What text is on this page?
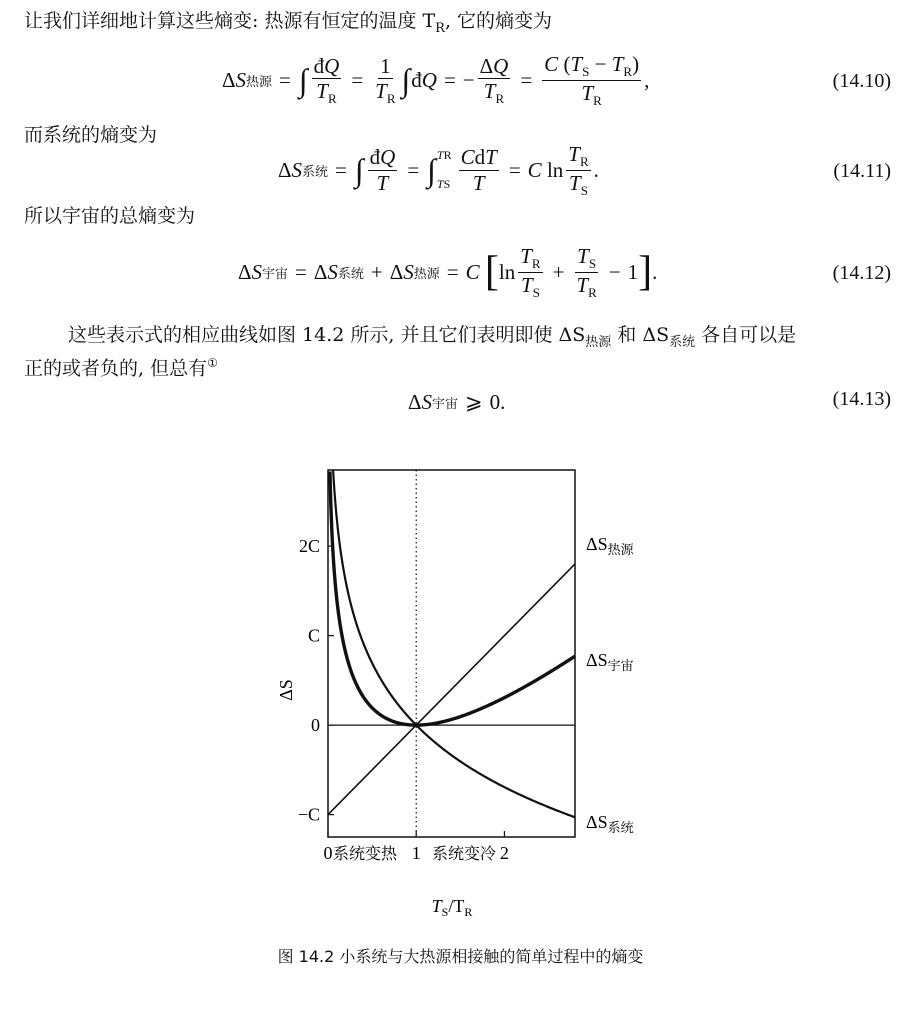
让我们详细地计算这些熵变: 热源有恒定的温度 $T_R$, 它的熵变为
Δ S 热源 = ∫ $\frac{đQ}{T_R} = \frac{1}{T_R}$ ∫ đ Q = − $\frac{\Delta Q}{T_R} = \frac{C (T_S - T_R)}{T_R}$ ,	(14.10)
而系统的熵变为
Δ S 系统 = ∫ $\frac{đQ}{T}$ = ∫ TR
TS $\frac{\text{CdT}}{T} = C$ $\ln \frac{T_R}{T_S}$ .	(14.11)
所以宇宙的总熵变为
Δ S 宇宙 = Δ S 系统 + Δ S 热源 = C
[ $\ln \frac{T_R}{T_S} + \frac{T_S}{T_R} - 1$ ] .	(14.12)
这些表示式的相应曲线如图 14.2 所示, 并且它们表明即使 $\Delta S_{热源}$ 和 $\Delta S_{系统}$ 各自可以是
正的或者负的, 但总有①
Δ S 宇宙 ⩾ 0.	(14.13)
−C
0
C
2C
0	1	2
系统变热 系统变冷
$\Delta S_{热源}$
$\Delta S_{宇宙}$
$\Delta S_{系统}$
ΔS
$T_S/T_R$
图 14.2 小系统与大热源相接触的简单过程中的熵变
